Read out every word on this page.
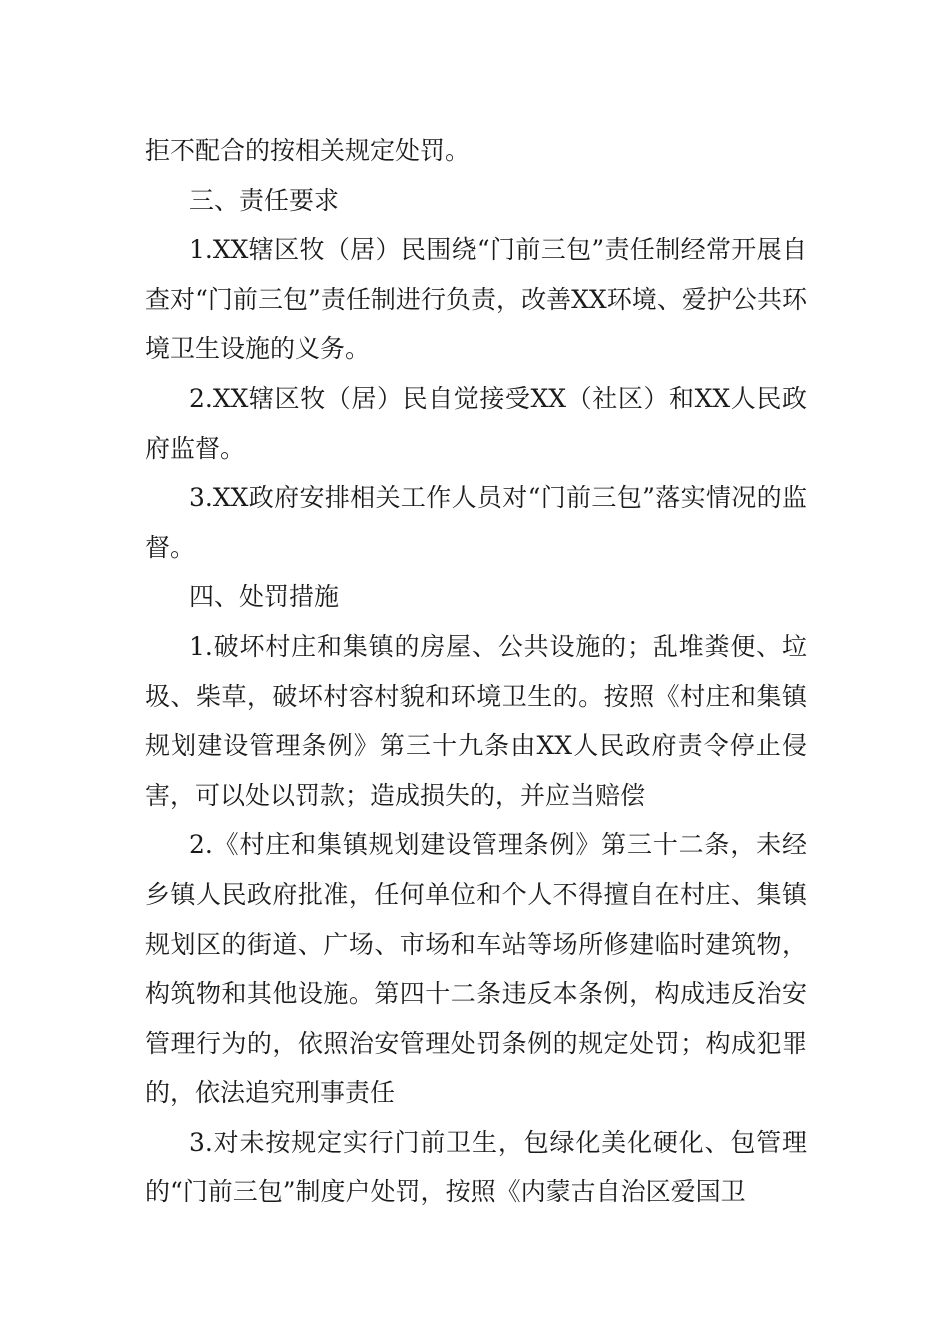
拒不配合的按相关规定处罚。

三、责任要求

1.XX辖区牧（居）民围绕“门前三包”责任制经常开展自查对“门前三包”责任制进行负责，改善XX环境、爱护公共环境卫生设施的义务。

2.XX辖区牧（居）民自觉接受XX（社区）和XX人民政府监督。

3.XX政府安排相关工作人员对“门前三包”落实情况的监督。

四、处罚措施

1.破坏村庄和集镇的房屋、公共设施的；乱堆粪便、垃圾、柴草，破坏村容村貌和环境卫生的。按照《村庄和集镇规划建设管理条例》第三十九条由XX人民政府责令停止侵害，可以处以罚款；造成损失的，并应当赔偿

2.《村庄和集镇规划建设管理条例》第三十二条，未经乡镇人民政府批准，任何单位和个人不得擅自在村庄、集镇规划区的街道、广场、市场和车站等场所修建临时建筑物，构筑物和其他设施。第四十二条违反本条例，构成违反治安管理行为的，依照治安管理处罚条例的规定处罚；构成犯罪的，依法追究刑事责任

3.对未按规定实行门前卫生，包绿化美化硬化、包管理的“门前三包”制度户处罚，按照《内蒙古自治区爱国卫
